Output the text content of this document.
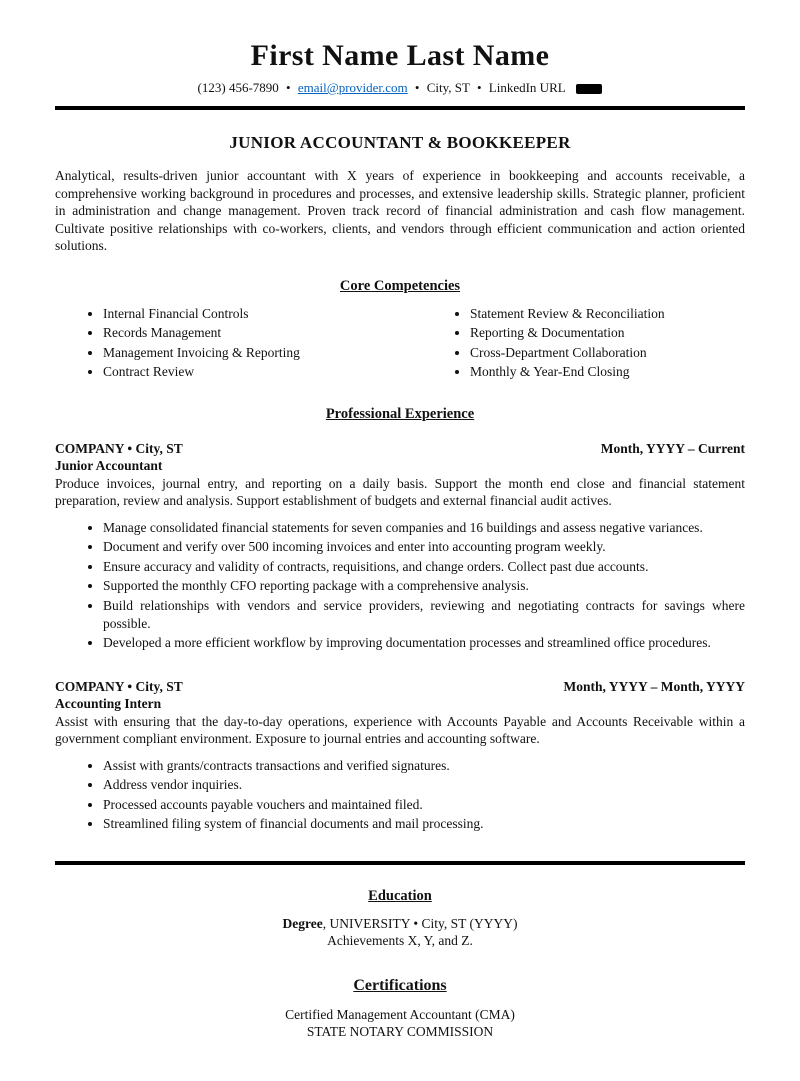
First Name Last Name
(123) 456-7890 • email@provider.com • City, ST • LinkedIn URL
JUNIOR ACCOUNTANT & BOOKKEEPER

Analytical, results-driven junior accountant with X years of experience in bookkeeping and accounts receivable, a comprehensive working background in procedures and processes, and extensive leadership skills. Strategic planner, proficient in administration and change management. Proven track record of financial administration and cash flow management. Cultivate positive relationships with co-workers, clients, and vendors through efficient communication and action oriented solutions.

Core Competencies
• Internal Financial Controls
• Records Management
• Management Invoicing & Reporting
• Contract Review
• Statement Review & Reconciliation
• Reporting & Documentation
• Cross-Department Collaboration
• Monthly & Year-End Closing
Professional Experience
COMPANY • City, ST	Month, YYYY – Current
Junior Accountant

Produce invoices, journal entry, and reporting on a daily basis. Support the month end close and financial statement preparation, review and analysis. Support establishment of budgets and external financial audit actives.

• Manage consolidated financial statements for seven companies and 16 buildings and assess negative variances.
• Document and verify over 500 incoming invoices and enter into accounting program weekly.
• Ensure accuracy and validity of contracts, requisitions, and change orders. Collect past due accounts.
• Supported the monthly CFO reporting package with a comprehensive analysis.
• Build relationships with vendors and service providers, reviewing and negotiating contracts for savings where possible.
• Developed a more efficient workflow by improving documentation processes and streamlined office procedures.
COMPANY • City, ST	Month, YYYY – Month, YYYY
Accounting Intern

Assist with ensuring that the day-to-day operations, experience with Accounts Payable and Accounts Receivable within a government compliant environment. Exposure to journal entries and accounting software.

• Assist with grants/contracts transactions and verified signatures.
• Address vendor inquiries.
• Processed accounts payable vouchers and maintained filed.
• Streamlined filing system of financial documents and mail processing.
Education
Degree, UNIVERSITY • City, ST (YYYY)
Achievements X, Y, and Z.
Certifications
Certified Management Accountant (CMA)
STATE NOTARY COMMISSION
